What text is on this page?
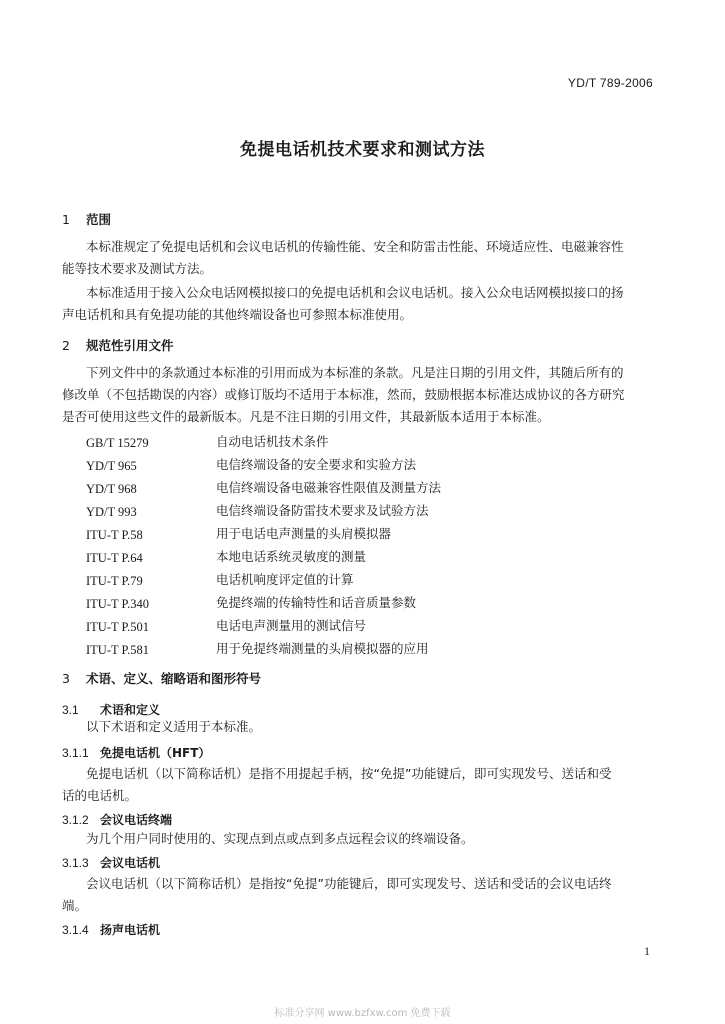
YD/T 789-2006
免提电话机技术要求和测试方法
1 范围
本标准规定了免提电话机和会议电话机的传输性能、安全和防雷击性能、环境适应性、电磁兼容性
能等技术要求及测试方法。
本标准适用于接入公众电话网模拟接口的免提电话机和会议电话机。接入公众电话网模拟接口的扬
声电话机和具有免提功能的其他终端设备也可参照本标准使用。
2 规范性引用文件
下列文件中的条款通过本标准的引用而成为本标准的条款。凡是注日期的引用文件，其随后所有的
修改单（不包括勘误的内容）或修订版均不适用于本标准，然而，鼓励根据本标准达成协议的各方研究
是否可使用这些文件的最新版本。凡是不注日期的引用文件，其最新版本适用于本标准。
GB/T 15279	自动电话机技术条件
YD/T 965	电信终端设备的安全要求和实验方法
YD/T 968	电信终端设备电磁兼容性限值及测量方法
YD/T 993	电信终端设备防雷技术要求及试验方法
ITU-T P.58	用于电话电声测量的头肩模拟器
ITU-T P.64	本地电话系统灵敏度的测量
ITU-T P.79	电话机响度评定值的计算
ITU-T P.340	免提终端的传输特性和话音质量参数
ITU-T P.501	电话电声测量用的测试信号
ITU-T P.581	用于免提终端测量的头肩模拟器的应用
3 术语、定义、缩略语和图形符号
3.1 术语和定义
以下术语和定义适用于本标准。
3.1.1 免提电话机（HFT）
免提电话机（以下简称话机）是指不用提起手柄，按“免提”功能键后，即可实现发号、送话和受
话的电话机。
3.1.2 会议电话终端
为几个用户同时使用的、实现点到点或点到多点远程会议的终端设备。
3.1.3 会议电话机
会议电话机（以下简称话机）是指按“免提”功能键后，即可实现发号、送话和受话的会议电话终
端。
3.1.4 扬声电话机
1
标准分享网 www.bzfxw.com 免费下载
